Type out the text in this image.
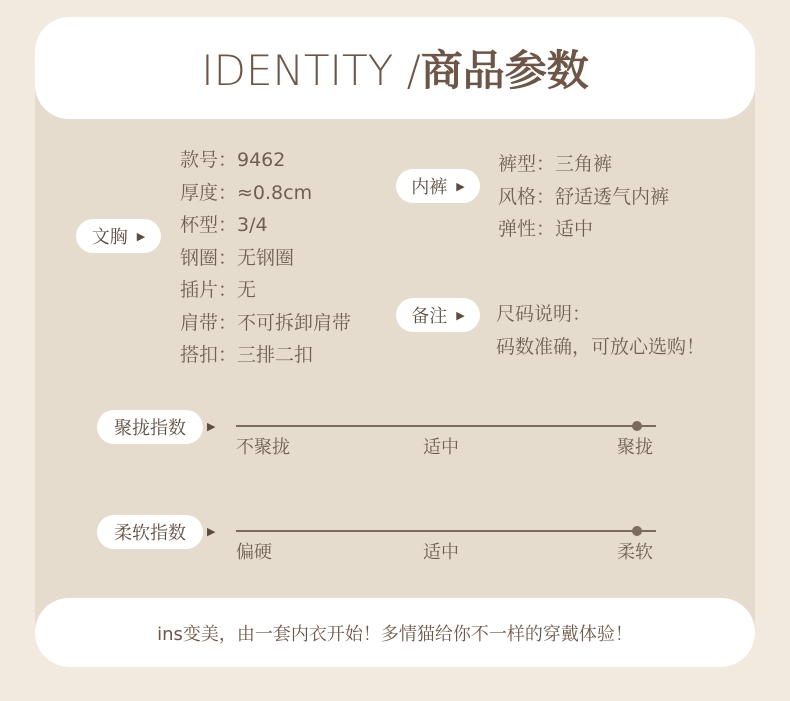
IDENTITY /商品参数
文胸 ▶
款号：9462
厚度：≈0.8cm
杯型：3/4
钢圈：无钢圈
插片：无
肩带：不可拆卸肩带
搭扣：三排二扣
内裤 ▶
裤型：三角裤
风格：舒适透气内裤
弹性：适中
备注 ▶ 尺码说明：
码数准确，可放心选购！
聚拢指数 ▶
不聚拢	适中	聚拢
柔软指数 ▶
偏硬	适中	柔软
ins变美，由一套内衣开始！多情猫给你不一样的穿戴体验！
